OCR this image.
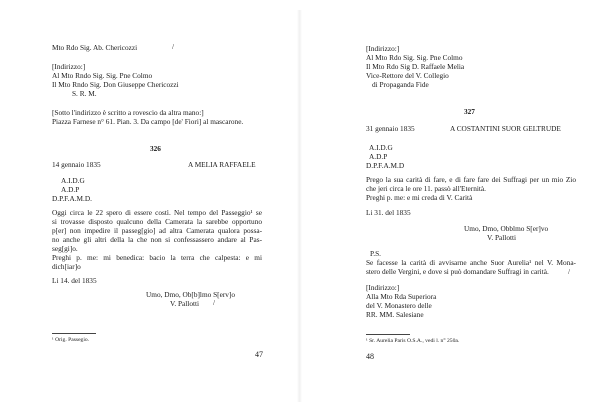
Mto Rdo Sig. Ab. Chericozzi	/
[Indirizzo:]
Al Mto Rndo Sig. Sig. Pne Colmo
Il Mto Rndo Sig. Don Giuseppe Chericozzi
S. R. M.
[Sotto l'indirizzo è scritto a rovescio da altra mano:]
Piazza Farnese n° 61. Pian. 3. Da campo [de' Fiori] al mascarone.
326
14 gennaio 1835	A MELIA RAFFAELE
A.I.D.G
A.D.P
D.P.F.A.M.D.
Oggi circa le 22 spero di essere costì. Nel tempo del Passeggio¹ se
si trovasse disposto qualcuno della Camerata la sarebbe opportuno
p[er] non impedire il passeg[gio] ad altra Camerata qualora possa-
no anche gli altri della la che non si confessassero andare al Pas-
seg[gi]o.
Preghi p. me: mi benedica: bacio la terra che calpesta: e mi
dich[iar]o
Li 14. del 1835
Umo, Dmo, Ob[b]lmo S[erv]o
V. Pallotti /
¹ Orig. Passegio.
47
[Indirizzo:]
Al Mto Rdo Sig. Sig. Pne Colmo
Il Mto Rdo Sig D. Raffaele Melia
Vice-Rettore del V. Collegio
di Propaganda Fide
327
31 gennaio 1835	A COSTANTINI SUOR GELTRUDE
A.I.D.G
A.D.P
D.P.F.A.M.D
Prego la sua carità di fare, e di fare fare dei Suffragi per un mio Zio
che jeri circa le ore 11. passò all'Eternità.
Preghi p. me: e mi creda di V. Carità
Li 31. del 1835
Umo, Dmo, Obblmo S[er]vo
V. Pallotti
P.S.
Se facesse la carità di avvisarne anche Suor Aurelia¹ nel V. Mona-
stero delle Vergini, e dove si può domandare Suffragi in carità.	/
[Indirizzo:]
Alla Mto Rda Superiora
del V. Monastero delle
RR. MM. Salesiane
¹ Sr. Aurelia Paris O.S.A., vedi l. n° 250a.
48
